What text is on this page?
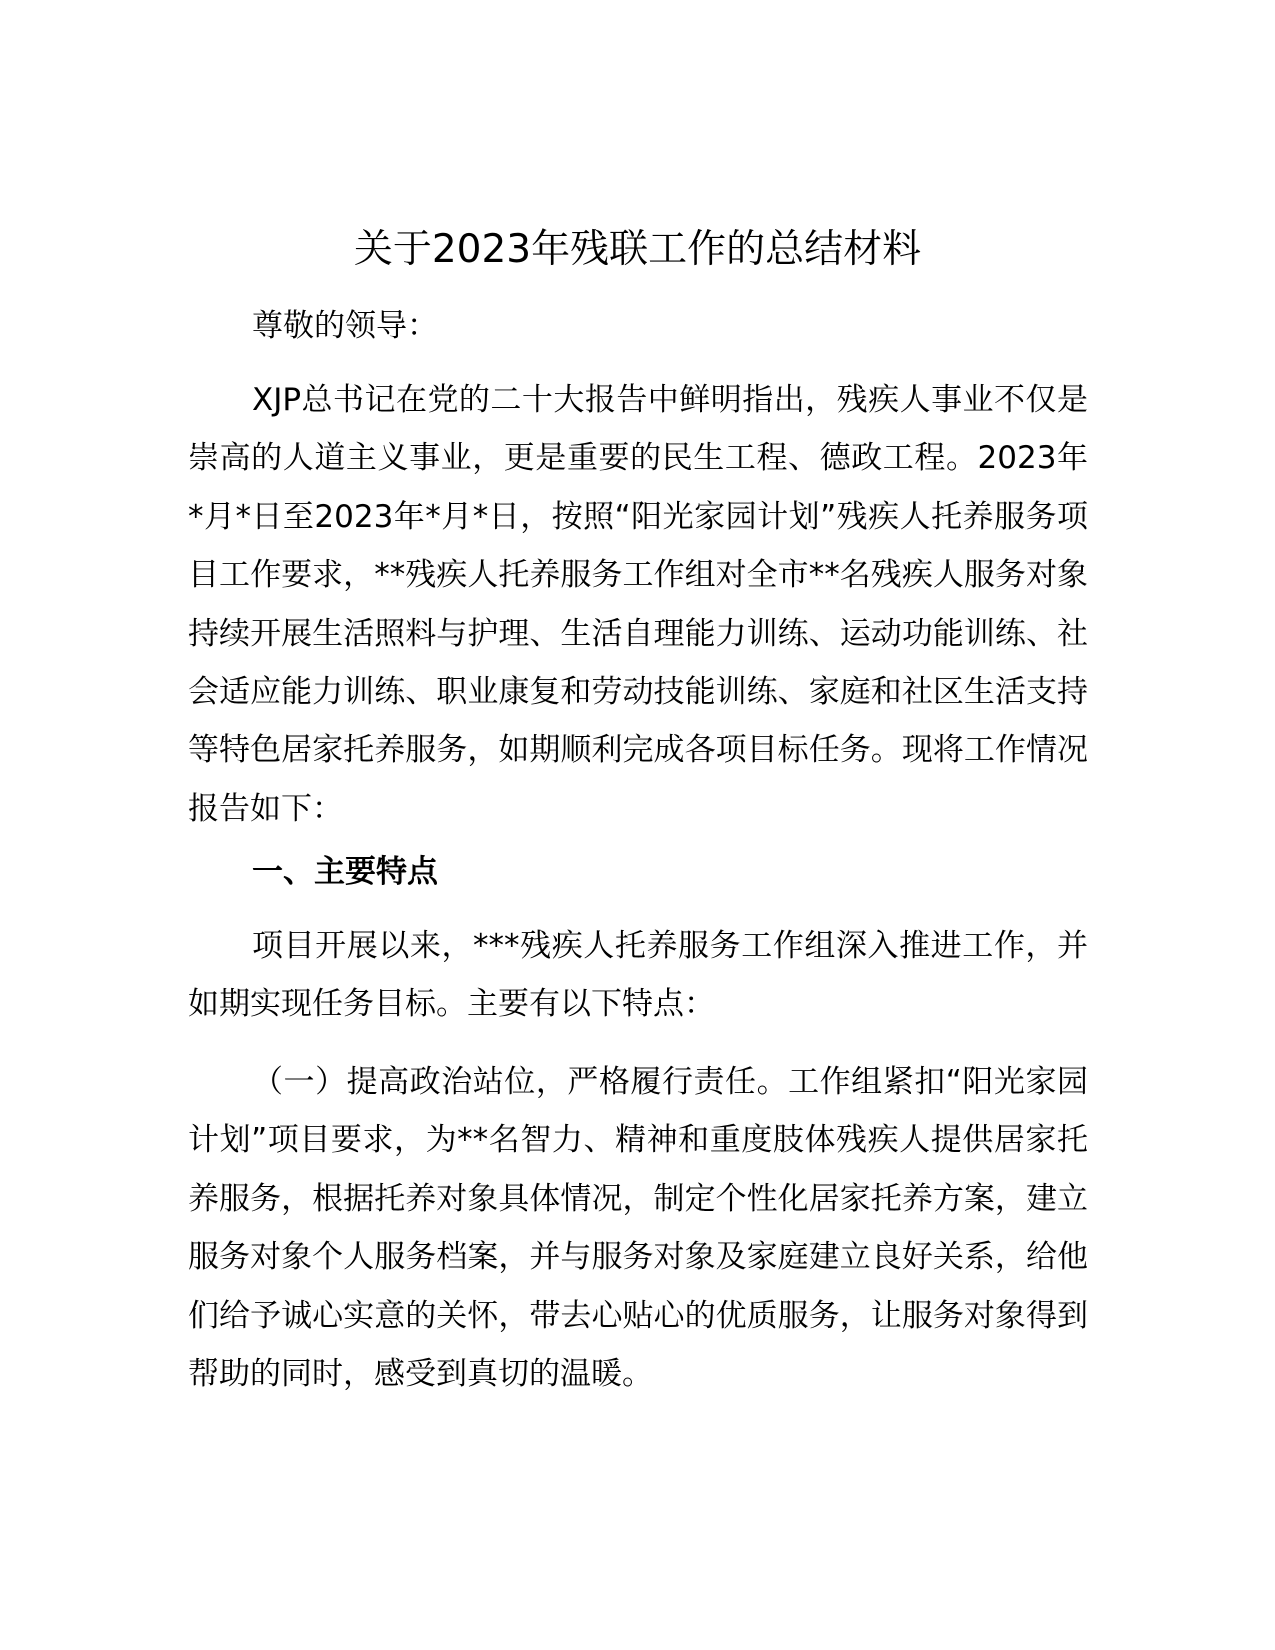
关于2023年残联工作的总结材料

尊敬的领导：

XJP总书记在党的二十大报告中鲜明指出，残疾人事业不仅是崇高的人道主义事业，更是重要的民生工程、德政工程。2023年*月*日至2023年*月*日，按照“阳光家园计划”残疾人托养服务项目工作要求，**残疾人托养服务工作组对全市**名残疾人服务对象持续开展生活照料与护理、生活自理能力训练、运动功能训练、社会适应能力训练、职业康复和劳动技能训练、家庭和社区生活支持等特色居家托养服务，如期顺利完成各项目标任务。现将工作情况报告如下：

一、主要特点

项目开展以来，***残疾人托养服务工作组深入推进工作，并如期实现任务目标。主要有以下特点：

（一）提高政治站位，严格履行责任。工作组紧扣“阳光家园计划”项目要求，为**名智力、精神和重度肢体残疾人提供居家托养服务，根据托养对象具体情况，制定个性化居家托养方案，建立服务对象个人服务档案，并与服务对象及家庭建立良好关系，给他们给予诚心实意的关怀，带去心贴心的优质服务，让服务对象得到帮助的同时，感受到真切的温暖。
